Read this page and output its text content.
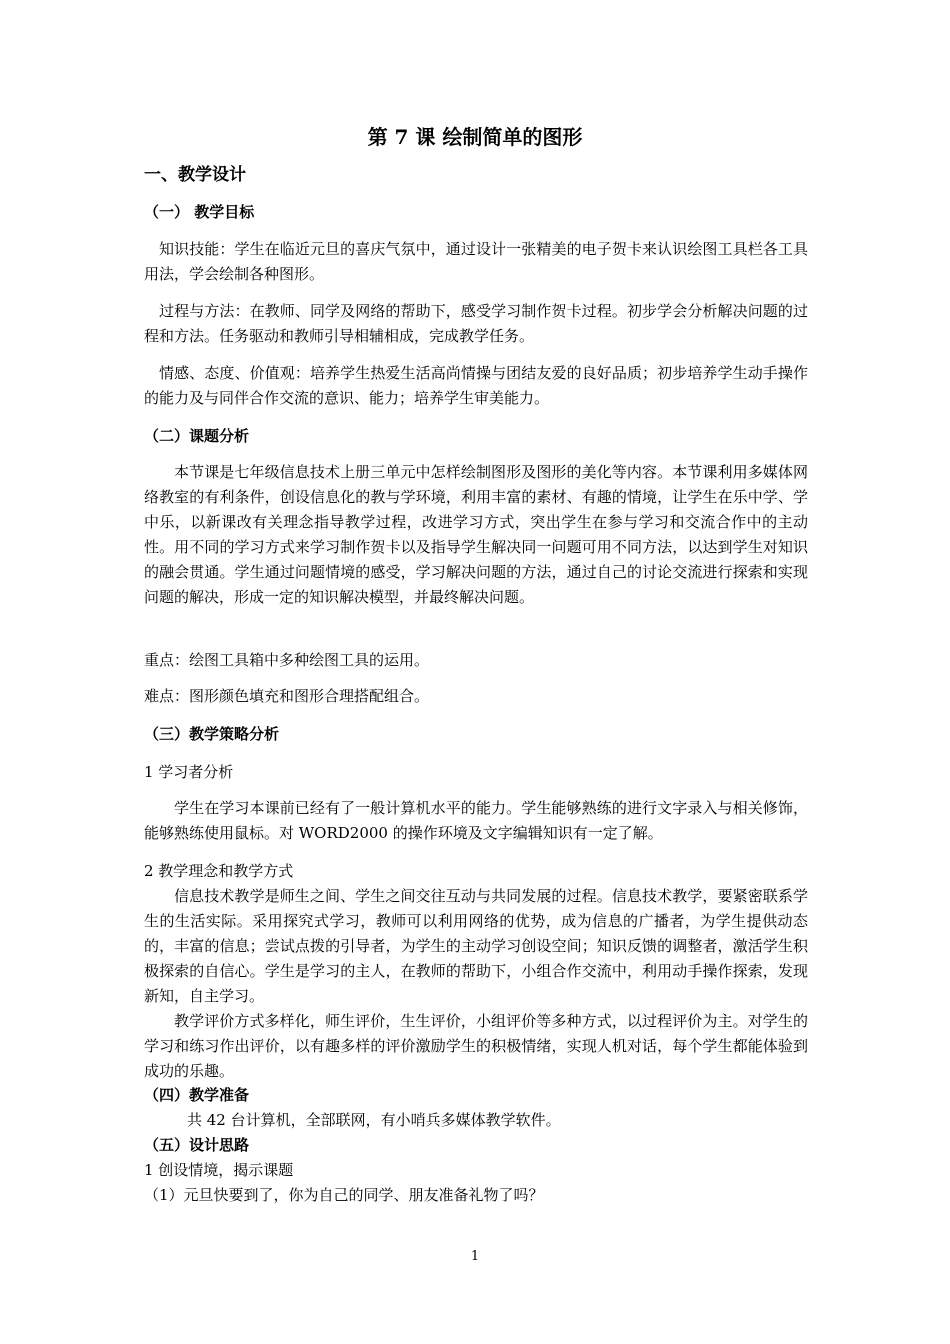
第 7 课 绘制简单的图形
一、教学设计
（一） 教学目标

知识技能：学生在临近元旦的喜庆气氛中，通过设计一张精美的电子贺卡来认识绘图工具栏各工具用法，学会绘制各种图形。

过程与方法：在教师、同学及网络的帮助下，感受学习制作贺卡过程。初步学会分析解决问题的过程和方法。任务驱动和教师引导相辅相成，完成教学任务。

情感、态度、价值观：培养学生热爱生活高尚情操与团结友爱的良好品质；初步培养学生动手操作的能力及与同伴合作交流的意识、能力；培养学生审美能力。

（二）课题分析

本节课是七年级信息技术上册三单元中怎样绘制图形及图形的美化等内容。本节课利用多媒体网络教室的有利条件，创设信息化的教与学环境，利用丰富的素材、有趣的情境，让学生在乐中学、学中乐，以新课改有关理念指导教学过程，改进学习方式，突出学生在参与学习和交流合作中的主动性。用不同的学习方式来学习制作贺卡以及指导学生解决同一问题可用不同方法，以达到学生对知识的融会贯通。学生通过问题情境的感受，学习解决问题的方法，通过自己的讨论交流进行探索和实现问题的解决，形成一定的知识解决模型，并最终解决问题。

重点：绘图工具箱中多种绘图工具的运用。

难点：图形颜色填充和图形合理搭配组合。

（三）教学策略分析

1 学习者分析

学生在学习本课前已经有了一般计算机水平的能力。学生能够熟练的进行文字录入与相关修饰，能够熟练使用鼠标。对 WORD2000 的操作环境及文字编辑知识有一定了解。

2 教学理念和教学方式

信息技术教学是师生之间、学生之间交往互动与共同发展的过程。信息技术教学，要紧密联系学生的生活实际。采用探究式学习，教师可以利用网络的优势，成为信息的广播者，为学生提供动态的，丰富的信息；尝试点拨的引导者，为学生的主动学习创设空间；知识反馈的调整者，激活学生积极探索的自信心。学生是学习的主人，在教师的帮助下，小组合作交流中，利用动手操作探索，发现新知，自主学习。

教学评价方式多样化，师生评价，生生评价，小组评价等多种方式，以过程评价为主。对学生的学习和练习作出评价，以有趣多样的评价激励学生的积极情绪，实现人机对话，每个学生都能体验到成功的乐趣。

（四）教学准备

共 42 台计算机，全部联网，有小哨兵多媒体教学软件。

（五）设计思路

1 创设情境，揭示课题

（1）元旦快要到了，你为自己的同学、朋友准备礼物了吗？

1
